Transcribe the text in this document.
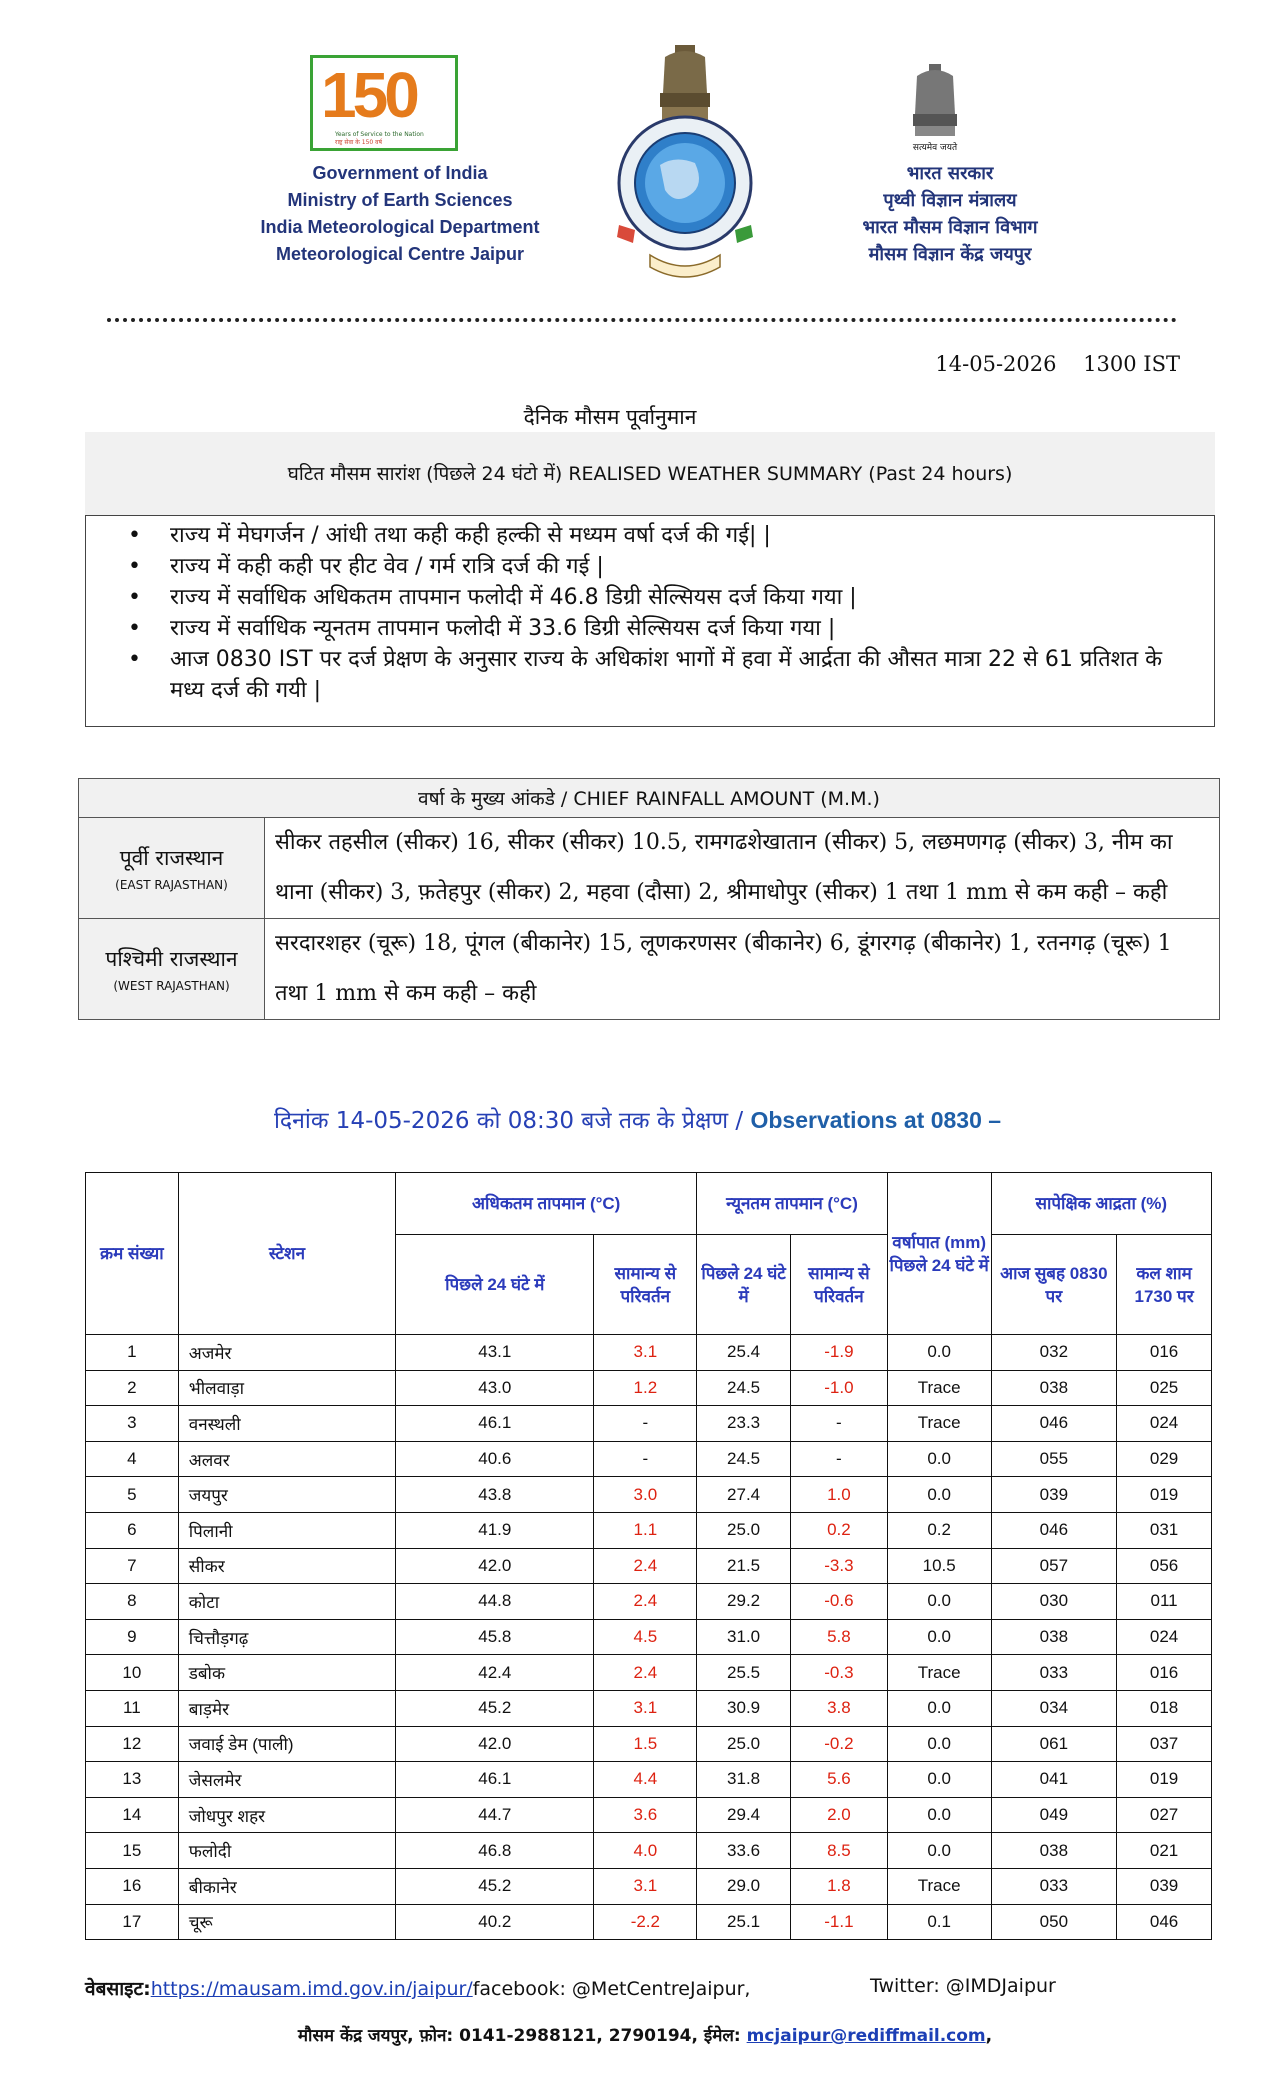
150
Years of Service to the Nation
राष्ट्र सेवा के 150 वर्ष
Government of India
Ministry of Earth Sciences
India Meteorological Department
Meteorological Centre Jaipur
सत्यमेव जयते
भारत सरकार
पृथ्वी विज्ञान मंत्रालय
भारत मौसम विज्ञान विभाग
मौसम विज्ञान केंद्र जयपुर
14-05-2026 1300 IST
दैनिक मौसम पूर्वानुमान
घटित मौसम सारांश (पिछले 24 घंटो में) REALISED WEATHER SUMMARY (Past 24 hours)
• राज्य में मेघगर्जन / आंधी तथा कही कही हल्की से मध्यम वर्षा दर्ज की गई| |
• राज्य में कही कही पर हीट वेव / गर्म रात्रि दर्ज की गई |
• राज्य में सर्वाधिक अधिकतम तापमान फलोदी में 46.8 डिग्री सेल्सियस दर्ज किया गया |
• राज्य में सर्वाधिक न्यूनतम तापमान फलोदी में 33.6 डिग्री सेल्सियस दर्ज किया गया |
• आज 0830 IST पर दर्ज प्रेक्षण के अनुसार राज्य के अधिकांश भागों में हवा में आर्द्रता की औसत मात्रा 22 से 61 प्रतिशत के मध्य दर्ज की गयी |
वर्षा के मुख्य आंकडे / CHIEF RAINFALL AMOUNT (M.M.)	

पूर्वी राजस्थान
(EAST RAJASTHAN)	सीकर तहसील (सीकर) 16, सीकर (सीकर) 10.5, रामगढशेखातान (सीकर) 5, लछमणगढ़ (सीकर) 3, नीम का थाना (सीकर) 3, फ़तेहपुर (सीकर) 2, महवा (दौसा) 2, श्रीमाधोपुर (सीकर) 1 तथा 1 mm से कम कही – कही

पश्चिमी राजस्थान
(WEST RAJASTHAN)	सरदारशहर (चूरू) 18, पूंगल (बीकानेर) 15, लूणकरणसर (बीकानेर) 6, डूंगरगढ़ (बीकानेर) 1, रतनगढ़ (चूरू) 1 तथा 1 mm से कम कही – कही
दिनांक 14-05-2026 को 08:30 बजे तक के प्रेक्षण / Observations at 0830 –
क्रम संख्या	स्टेशन	अधिकतम तापमान (°C)		न्यूनतम तापमान (°C)		वर्षापात (mm) पिछले 24 घंटे में	सापेक्षिक आद्रता (%)	
		पिछले 24 घंटे में	सामान्य से परिवर्तन	पिछले 24 घंटे में	सामान्य से परिवर्तन		आज सुबह 0830 पर	कल शाम 1730 पर
1	अजमेर	43.1	3.1	25.4	-1.9	0.0	032	016
2	भीलवाड़ा	43.0	1.2	24.5	-1.0	Trace	038	025
3	वनस्थली	46.1	-	23.3	-	Trace	046	024
4	अलवर	40.6	-	24.5	-	0.0	055	029
5	जयपुर	43.8	3.0	27.4	1.0	0.0	039	019
6	पिलानी	41.9	1.1	25.0	0.2	0.2	046	031
7	सीकर	42.0	2.4	21.5	-3.3	10.5	057	056
8	कोटा	44.8	2.4	29.2	-0.6	0.0	030	011
9	चित्तौड़गढ़	45.8	4.5	31.0	5.8	0.0	038	024
10	डबोक	42.4	2.4	25.5	-0.3	Trace	033	016
11	बाड़मेर	45.2	3.1	30.9	3.8	0.0	034	018
12	जवाई डेम (पाली)	42.0	1.5	25.0	-0.2	0.0	061	037
13	जेसलमेर	46.1	4.4	31.8	5.6	0.0	041	019
14	जोधपुर शहर	44.7	3.6	29.4	2.0	0.0	049	027
15	फलोदी	46.8	4.0	33.6	8.5	0.0	038	021
16	बीकानेर	45.2	3.1	29.0	1.8	Trace	033	039
17	चूरू	40.2	-2.2	25.1	-1.1	0.1	050	046
वेबसाइट:https://mausam.imd.gov.in/jaipur/facebook: @MetCentreJaipur,	Twitter: @IMDJaipur
मौसम केंद्र जयपुर, फ़ोन: 0141-2988121, 2790194, ईमेल: mcjaipur@rediffmail.com,
